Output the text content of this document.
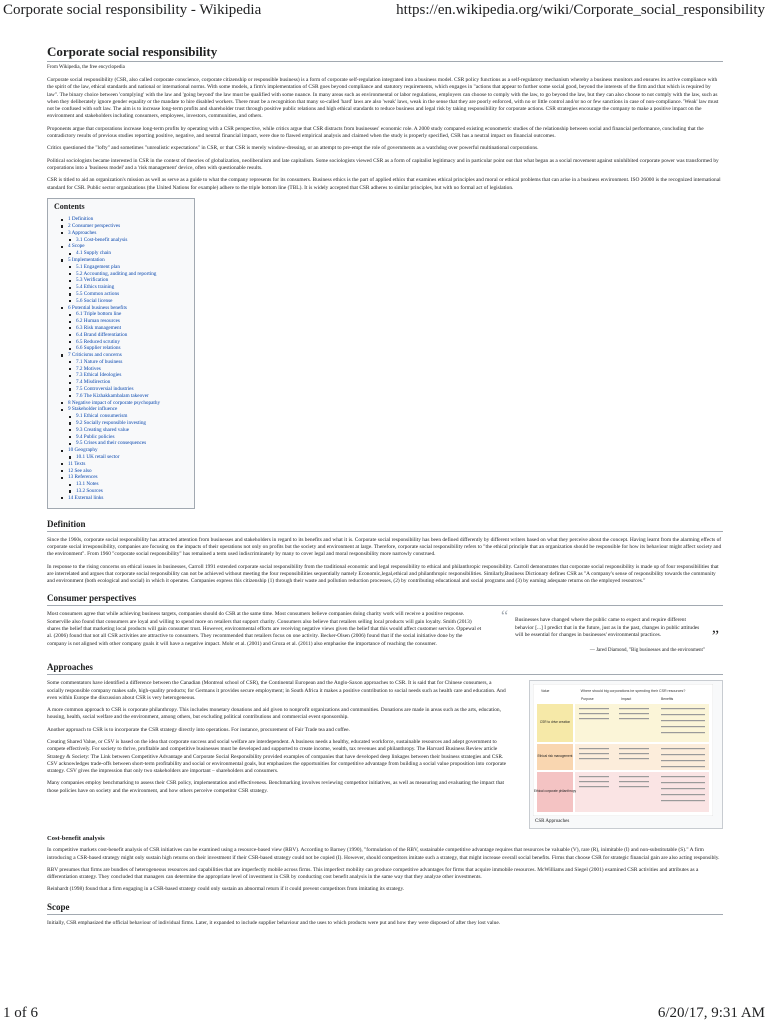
Corporate social responsibility - Wikipedia	https://en.wikipedia.org/wiki/Corporate_social_responsibility
Corporate social responsibility
From Wikipedia, the free encyclopedia

Corporate social responsibility (CSR, also called corporate conscience, corporate citizenship or responsible business) is a form of corporate self-regulation integrated into a business model. CSR policy functions as a self-regulatory mechanism whereby a business monitors and ensures its active compliance with the spirit of the law, ethical standards and national or international norms. With some models, a firm's implementation of CSR goes beyond compliance and statutory requirements, which engages in "actions that appear to further some social good, beyond the interests of the firm and that which is required by law". The binary choice between 'complying' with the law and 'going beyond' the law must be qualified with some nuance. In many areas such as environmental or labor regulations, employers can choose to comply with the law, to go beyond the law, but they can also choose to not comply with the law, such as when they deliberately ignore gender equality or the mandate to hire disabled workers. There must be a recognition that many so-called 'hard' laws are also 'weak' laws, weak in the sense that they are poorly enforced, with no or little control and/or no or few sanctions in case of non-compliance. 'Weak' law must not be confused with soft law. The aim is to increase long-term profits and shareholder trust through positive public relations and high ethical standards to reduce business and legal risk by taking responsibility for corporate actions. CSR strategies encourage the company to make a positive impact on the environment and stakeholders including consumers, employees, investors, communities, and others.

Proponents argue that corporations increase long-term profits by operating with a CSR perspective, while critics argue that CSR distracts from businesses' economic role. A 2000 study compared existing econometric studies of the relationship between social and financial performance, concluding that the contradictory results of previous studies reporting positive, negative, and neutral financial impact, were due to flawed empirical analysis and claimed when the study is properly specified, CSR has a neutral impact on financial outcomes.

Critics questioned the "lofty" and sometimes "unrealistic expectations" in CSR, or that CSR is merely window-dressing, or an attempt to pre-empt the role of governments as a watchdog over powerful multinational corporations.

Political sociologists became interested in CSR in the context of theories of globalization, neoliberalism and late capitalism. Some sociologists viewed CSR as a form of capitalist legitimacy and in particular point out that what began as a social movement against uninhibited corporate power was transformed by corporations into a 'business model' and a 'risk management' device, often with questionable results.

CSR is titled to aid an organization's mission as well as serve as a guide to what the company represents for its consumers. Business ethics is the part of applied ethics that examines ethical principles and moral or ethical problems that can arise in a business environment. ISO 26000 is the recognized international standard for CSR. Public sector organizations (the United Nations for example) adhere to the triple bottom line (TBL). It is widely accepted that CSR adheres to similar principles, but with no formal act of legislation.

Contents
1 Definition
2 Consumer perspectives
3 Approaches
3.1 Cost-benefit analysis
4 Scope
4.1 Supply chain
5 Implementation
5.1 Engagement plan
5.2 Accounting, auditing and reporting
5.3 Verification
5.4 Ethics training
5.5 Common actions
5.6 Social license
6 Potential business benefits
6.1 Triple bottom line
6.2 Human resources
6.3 Risk management
6.4 Brand differentiation
6.5 Reduced scrutiny
6.6 Supplier relations
7 Criticisms and concerns
7.1 Nature of business
7.2 Motives
7.3 Ethical Ideologies
7.4 Misdirection
7.5 Controversial industries
7.6 The Kizhakkambalam takeover
8 Negative impact of corporate psychopathy
9 Stakeholder influence
9.1 Ethical consumerism
9.2 Socially responsible investing
9.3 Creating shared value
9.4 Public policies
9.5 Crises and their consequences
10 Geography
10.1 UK retail sector
11 Texts
12 See also
13 References
13.1 Notes
13.2 Sources
14 External links
Definition

Since the 1960s, corporate social responsibility has attracted attention from businesses and stakeholders in regard to its benefits and what it is. Corporate social responsibility has been defined differently by different writers based on what they perceive about the concept. Having learnt from the alarming effects of corporate social irresponsibility, companies are focusing on the impacts of their operations not only on profits but the society and environment at large. Therefore, corporate social responsibility refers to "the ethical principle that an organization should be responsible for how its behaviour might affect society and the environment". From 1960 "corporate social responsibility" has remained a term used indiscriminately by many to cover legal and moral responsibility more narrowly construed.

In response to the rising concerns on ethical issues in businesses, Carroll 1991 extended corporate social responsibility from the traditional economic and legal responsibility to ethical and philanthropic responsibility. Carroll demonstrates that corporate social responsibility is made up of four responsibilities that are interrelated and argues that corporate social responsibility can not be achieved without meeting the four responsibilities sequentially namely Economic,legal,ethical and philanthropic responsibilities. Similarly,Business Dictionary defines CSR as "A company's sense of responsibility towards the community and environment (both ecological and social) in which it operates. Companies express this citizenship (1) through their waste and pollution reduction processes, (2) by contributing educational and social programs and (3) by earning adequate returns on the employed resources."

Consumer perspectives

Most consumers agree that while achieving business targets, companies should do CSR at the same time. Most consumers believe companies doing charity work will receive a positive response. Somerville also found that consumers are loyal and willing to spend more on retailers that support charity. Consumers also believe that retailers selling local products will gain loyalty. Smith (2013) shares the belief that marketing local products will gain consumer trust. However, environmental efforts are receiving negative views given the belief that this would affect customer service. Oppewal et al. (2006) found that not all CSR activities are attractive to consumers. They recommended that retailers focus on one activity. Becker-Olsen (2006) found that if the social initiative done by the company is not aligned with other company goals it will have a negative impact. Mohr et al. (2001) and Groza et al. (2011) also emphasise the importance of reaching the consumer.

“ Businesses have changed where the public came to expect and require different behavior [...] I predict that in the future, just as in the past, changes in public attitudes will be essential for changes in businesses' environmental practices.	”
— Jared Diamond, "Big businesses and the environment"
Approaches

Some commentators have identified a difference between the Canadian (Montreal school of CSR), the Continental European and the Anglo-Saxon approaches to CSR. It is said that for Chinese consumers, a socially responsible company makes safe, high-quality products; for Germans it provides secure employment; in South Africa it makes a positive contribution to social needs such as health care and education. And even within Europe the discussion about CSR is very heterogeneous.

A more common approach to CSR is corporate philanthropy. This includes monetary donations and aid given to nonprofit organizations and communities. Donations are made in areas such as the arts, education, housing, health, social welfare and the environment, among others, but excluding political contributions and commercial event sponsorship.

Another approach to CSR is to incorporate the CSR strategy directly into operations. For instance, procurement of Fair Trade tea and coffee.

Creating Shared Value, or CSV is based on the idea that corporate success and social welfare are interdependent. A business needs a healthy, educated workforce, sustainable resources and adept government to compete effectively. For society to thrive, profitable and competitive businesses must be developed and supported to create income, wealth, tax revenues and philanthropy. The Harvard Business Review article Strategy & Society: The Link between Competitive Advantage and Corporate Social Responsibility provided examples of companies that have developed deep linkages between their business strategies and CSR. CSV acknowledges trade-offs between short-term profitability and social or environmental goals, but emphasizes the opportunities for competitive advantage from building a social value proposition into corporate strategy. CSV gives the impression that only two stakeholders are important – shareholders and consumers.

Many companies employ benchmarking to assess their CSR policy, implementation and effectiveness. Benchmarking involves reviewing competitor initiatives, as well as measuring and evaluating the impact that those policies have on society and the environment, and how others perceive competitor CSR strategy.

Where should big corporations be spending their CSR resources?
Value
Purpose	Impact	Benefits
CSR to drive creation
Ethical risk management
Ethical corporate philanthropy
CSR Approaches
Cost-benefit analysis

In competitive markets cost-benefit analysis of CSR initiatives can be examined using a resource-based view (RBV). According to Barney (1990), "formulation of the RBV, sustainable competitive advantage requires that resources be valuable (V), rare (R), inimitable (I) and non-substitutable (S)." A firm introducing a CSR-based strategy might only sustain high returns on their investment if their CSR-based strategy could not be copied (I). However, should competitors imitate such a strategy, that might increase overall social benefits. Firms that choose CSR for strategic financial gain are also acting responsibly.

RBV presumes that firms are bundles of heterogeneous resources and capabilities that are imperfectly mobile across firms. This imperfect mobility can produce competitive advantages for firms that acquire immobile resources. McWilliams and Siegel (2001) examined CSR activities and attributes as a differentiation strategy. They concluded that managers can determine the appropriate level of investment in CSR by conducting cost benefit analysis in the same way that they analyze other investments.

Reinhardt (1998) found that a firm engaging in a CSR-based strategy could only sustain an abnormal return if it could prevent competitors from imitating its strategy.

Scope

Initially, CSR emphasized the official behaviour of individual firms. Later, it expanded to include supplier behaviour and the uses to which products were put and how they were disposed of after they lost value.

1 of 6	6/20/17, 9:31 AM
